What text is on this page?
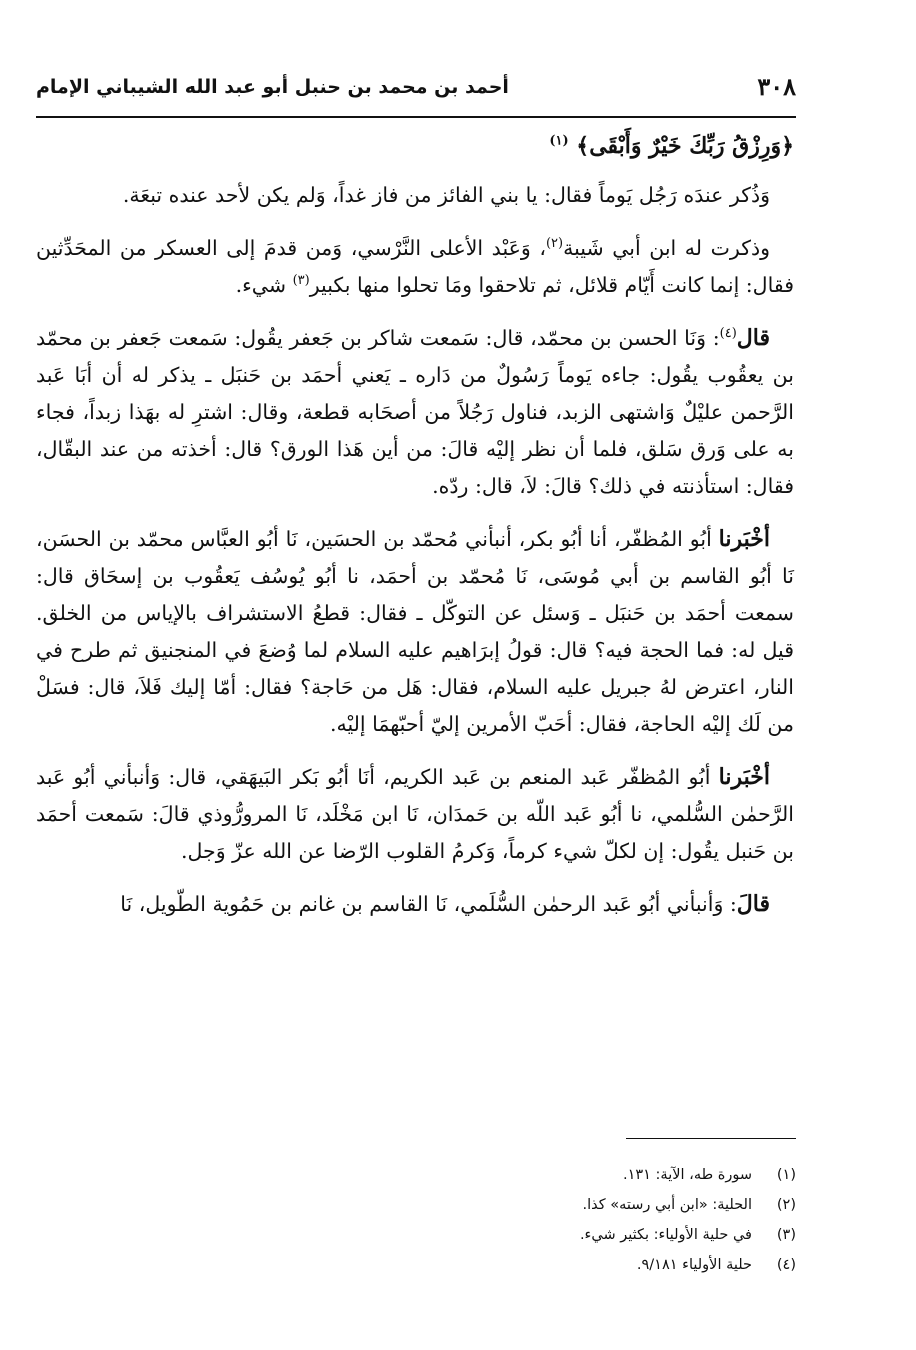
٣٠٨
أحمد بن محمد بن حنبل أبو عبد الله الشيباني الإمام

﴿وَرِزْقُ رَبِّكَ خَيْرٌ وَأَبْقَى﴾ $^{(١)}$

وَذُكر عندَه رَجُل يَوماً فقال: يا بني الفائز من فاز غداً، وَلم يكن لأحد عنده تبعَة.

وذكرت له ابن أبي شَيبة$^{(٢)}$، وَعَبْد الأعلى النَّرْسي، وَمن قدمَ إلى العسكر من المحَدِّثين فقال: إنما كانت أَيّام قلائل، ثم تلاحقوا ومَا تحلوا منها بكبير$^{(٣)}$ شيء.

قال$^{(٤)}$: وَنَا الحسن بن محمّد، قال: سَمعت شاكر بن جَعفر يقُول: سَمعت جَعفر بن محمّد بن يعقُوب يقُول: جاءه يَوماً رَسُولٌ من دَاره ـ يَعني أحمَد بن حَنبَل ـ يذكر له أن أبَا عَبد الرَّحمن عليْلٌ وَاشتهى الزبد، فناول رَجُلاً من أصحَابه قطعة، وقال: اشترِ له بهَذا زبداً، فجاء به على وَرق سَلق، فلما أن نظر إليْه قالَ: من أين هَذا الورق؟ قال: أخذته من عند البقّال، فقال: استأذنته في ذلك؟ قالَ: لاَ، قال: ردّه.

أخْبَرنا أبُو المُظفّر، أنا أبُو بكر، أنبأني مُحمّد بن الحسَين، نَا أبُو العبَّاس محمّد بن الحسَن، نَا أبُو القاسم بن أبي مُوسَى، نَا مُحمّد بن أحمَد، نا أبُو يُوسُف يَعقُوب بن إسحَاق قال: سمعت أحمَد بن حَنبَل ـ وَسئل عن التوكّل ـ فقال: قطعُ الاستشراف بالإياس من الخلق. قيل له: فما الحجة فيه؟ قال: قولُ إبرَاهيم عليه السلام لما وُضعَ في المنجنيق ثم طرح في النار، اعترض لهُ جبريل عليه السلام، فقال: هَل من حَاجة؟ فقال: أمّا إليك فَلاَ، قال: فسَلْ من لَك إليْه الحاجة، فقال: أحَبّ الأمرين إليّ أحبّهمَا إليْه.

أخْبَرنا أبُو المُظفّر عَبد المنعم بن عَبد الكريم، أنَا أبُو بَكر البَيهَقي، قال: وَأنبأني أبُو عَبد الرَّحمٰن السُّلمي، نا أبُو عَبد اللّه بن حَمدَان، نَا ابن مَخْلَد، نَا المرورُّوذي قالَ: سَمعت أحمَد بن حَنبل يقُول: إن لكلّ شيء كرماً، وَكرمُ القلوب الرّضا عن الله عزّ وَجل.

قالَ: وَأنبأني أبُو عَبد الرحمٰن السُّلَمي، نَا القاسم بن غانم بن حَمُوية الطّويل، نَا

(١)سورة طه، الآية: ١٣١.

(٢)الحلية: «ابن أبي رسته» كذا.

(٣)في حلية الأولياء: بكثير شيء.

(٤)حلية الأولياء ٩/١٨١.
